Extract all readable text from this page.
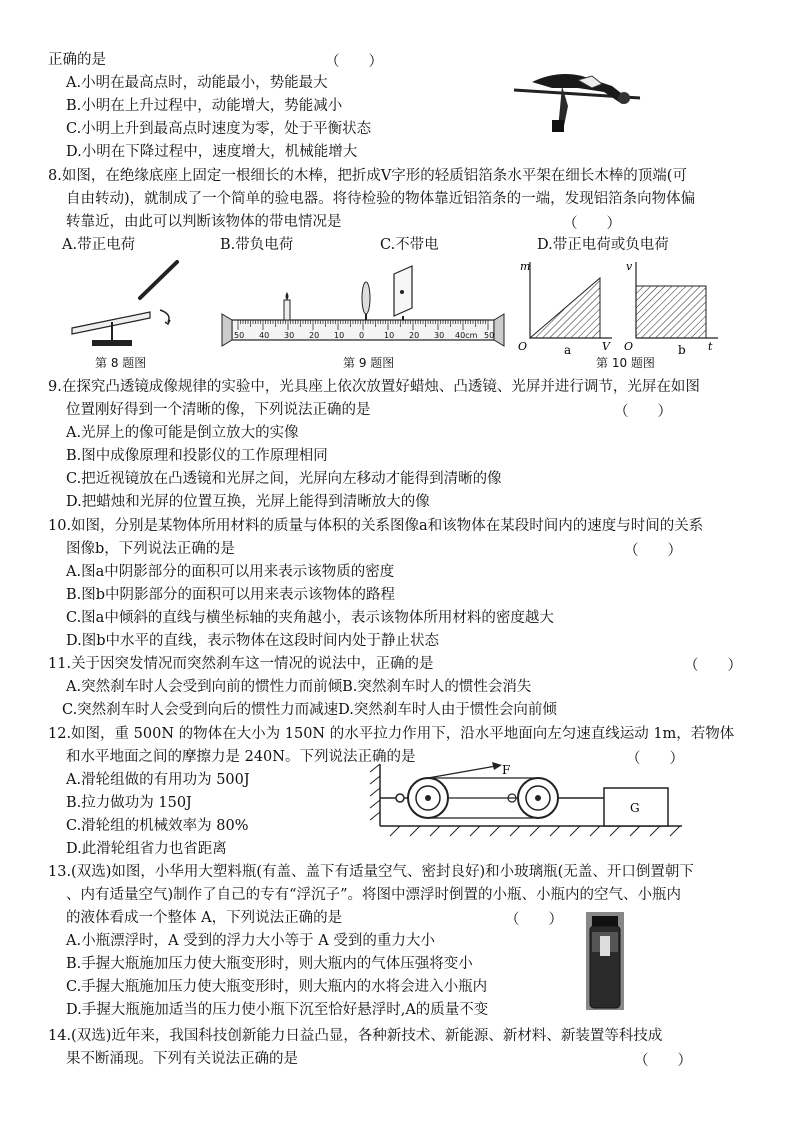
正确的是	（　　）
A.小明在最高点时，动能最小，势能最大
B.小明在上升过程中，动能增大，势能减小
C.小明上升到最高点时速度为零，处于平衡状态
D.小明在下降过程中，速度增大，机械能增大
8.如图，在绝缘底座上固定一根细长的木棒，把折成V字形的轻质铝箔条水平架在细长木棒的顶端(可
自由转动)，就制成了一个简单的验电器。将待检验的物体靠近铝箔条的一端，发现铝箔条向物体偏
转靠近，由此可以判断该物体的带电情况是	（　　）
A.带正电荷	B.带负电荷	C.不带电	D.带正电荷或负电荷
第 8 题图
50 40 30 20 10 0 10 20 30 40cm 50
第 9 题图
m
V
O	a
v
t
O	b
第 10 题图
9.在探究凸透镜成像规律的实验中，光具座上依次放置好蜡烛、凸透镜、光屏并进行调节，光屏在如图
位置刚好得到一个清晰的像，下列说法正确的是	（　　）
A.光屏上的像可能是倒立放大的实像
B.图中成像原理和投影仪的工作原理相同
C.把近视镜放在凸透镜和光屏之间，光屏向左移动才能得到清晰的像
D.把蜡烛和光屏的位置互换，光屏上能得到清晰放大的像
10.如图，分别是某物体所用材料的质量与体积的关系图像a和该物体在某段时间内的速度与时间的关系
图像b，下列说法正确的是	（　　）
A.图a中阴影部分的面积可以用来表示该物质的密度
B.图b中阴影部分的面积可以用来表示该物体的路程
C.图a中倾斜的直线与横坐标轴的夹角越小，表示该物体所用材料的密度越大
D.图b中水平的直线，表示物体在这段时间内处于静止状态
11.关于因突发情况而突然刹车这一情况的说法中，正确的是	（　　）
A.突然刹车时人会受到向前的惯性力而前倾B.突然刹车时人的惯性会消失
C.突然刹车时人会受到向后的惯性力而减速D.突然刹车时人由于惯性会向前倾
12.如图，重 500N 的物体在大小为 150N 的水平拉力作用下，沿水平地面向左匀速直线运动 1m，若物体
和水平地面之间的摩擦力是 240N。下列说法正确的是	（　　）
A.滑轮组做的有用功为 500J
B.拉力做功为 150J
C.滑轮组的机械效率为 80%
D.此滑轮组省力也省距离
F
G
13.(双选)如图，小华用大塑料瓶(有盖、盖下有适量空气、密封良好)和小玻璃瓶(无盖、开口倒置朝下
、内有适量空气)制作了自己的专有“浮沉子”。将图中漂浮时倒置的小瓶、小瓶内的空气、小瓶内
的液体看成一个整体 A，下列说法正确的是	（　　）
A.小瓶漂浮时，A 受到的浮力大小等于 A 受到的重力大小
B.手握大瓶施加压力使大瓶变形时，则大瓶内的气体压强将变小
C.手握大瓶施加压力使大瓶变形时，则大瓶内的水将会进入小瓶内
D.手握大瓶施加适当的压力使小瓶下沉至恰好悬浮时,A的质量不变
14.(双选)近年来，我国科技创新能力日益凸显，各种新技术、新能源、新材料、新装置等科技成
果不断涌现。下列有关说法正确的是	（　　）
